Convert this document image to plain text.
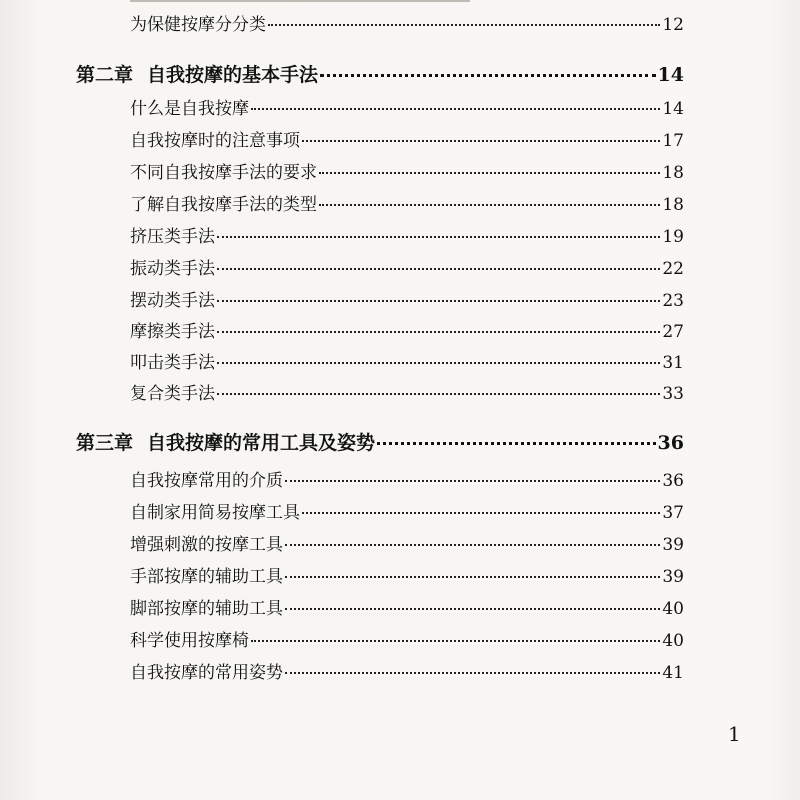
为保健按摩分分类	12
第二章 自我按摩的基本手法	14
什么是自我按摩	14
自我按摩时的注意事项	17
不同自我按摩手法的要求	18
了解自我按摩手法的类型	18
挤压类手法	19
振动类手法	22
摆动类手法	23
摩擦类手法	27
叩击类手法	31
复合类手法	33
第三章 自我按摩的常用工具及姿势	36
自我按摩常用的介质	36
自制家用简易按摩工具	37
增强刺激的按摩工具	39
手部按摩的辅助工具	39
脚部按摩的辅助工具	40
科学使用按摩椅	40
自我按摩的常用姿势	41
1
